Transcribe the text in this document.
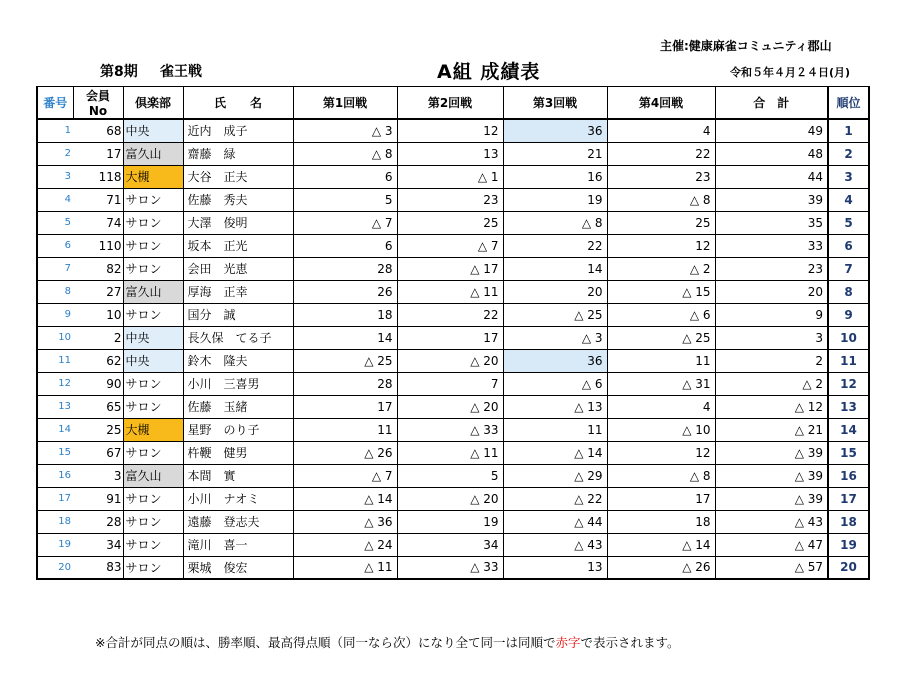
主催:健康麻雀コミュニティ郡山
第8期 雀王戦	A組 成績表	令和５年４月２４日(月)
番号	会員No	倶楽部	氏　　名	第1回戦	第2回戦	第3回戦	第4回戦	合　計	順位
1	68	中央	近内　成子	△ 3	12	36	4	49	1
2	17	富久山	齋藤　緑	△ 8	13	21	22	48	2
3	118	大槻	大谷　正夫	6	△ 1	16	23	44	3
4	71	サロン	佐藤　秀夫	5	23	19	△ 8	39	4
5	74	サロン	大澤　俊明	△ 7	25	△ 8	25	35	5
6	110	サロン	坂本　正光	6	△ 7	22	12	33	6
7	82	サロン	会田　光恵	28	△ 17	14	△ 2	23	7
8	27	富久山	厚海　正幸	26	△ 11	20	△ 15	20	8
9	10	サロン	国分　誠	18	22	△ 25	△ 6	9	9
10	2	中央	長久保　てる子	14	17	△ 3	△ 25	3	10
11	62	中央	鈴木　隆夫	△ 25	△ 20	36	11	2	11
12	90	サロン	小川　三喜男	28	7	△ 6	△ 31	△ 2	12
13	65	サロン	佐藤　玉緒	17	△ 20	△ 13	4	△ 12	13
14	25	大槻	星野　のり子	11	△ 33	11	△ 10	△ 21	14
15	67	サロン	杵鞭　健男	△ 26	△ 11	△ 14	12	△ 39	15
16	3	富久山	本間　實	△ 7	5	△ 29	△ 8	△ 39	16
17	91	サロン	小川　ナオミ	△ 14	△ 20	△ 22	17	△ 39	17
18	28	サロン	遠藤　登志夫	△ 36	19	△ 44	18	△ 43	18
19	34	サロン	滝川　喜一	△ 24	34	△ 43	△ 14	△ 47	19
20	83	サロン	栗城　俊宏	△ 11	△ 33	13	△ 26	△ 57	20
※合計が同点の順は、勝率順、最高得点順（同一なら次）になり全て同一は同順で赤字で表示されます。
